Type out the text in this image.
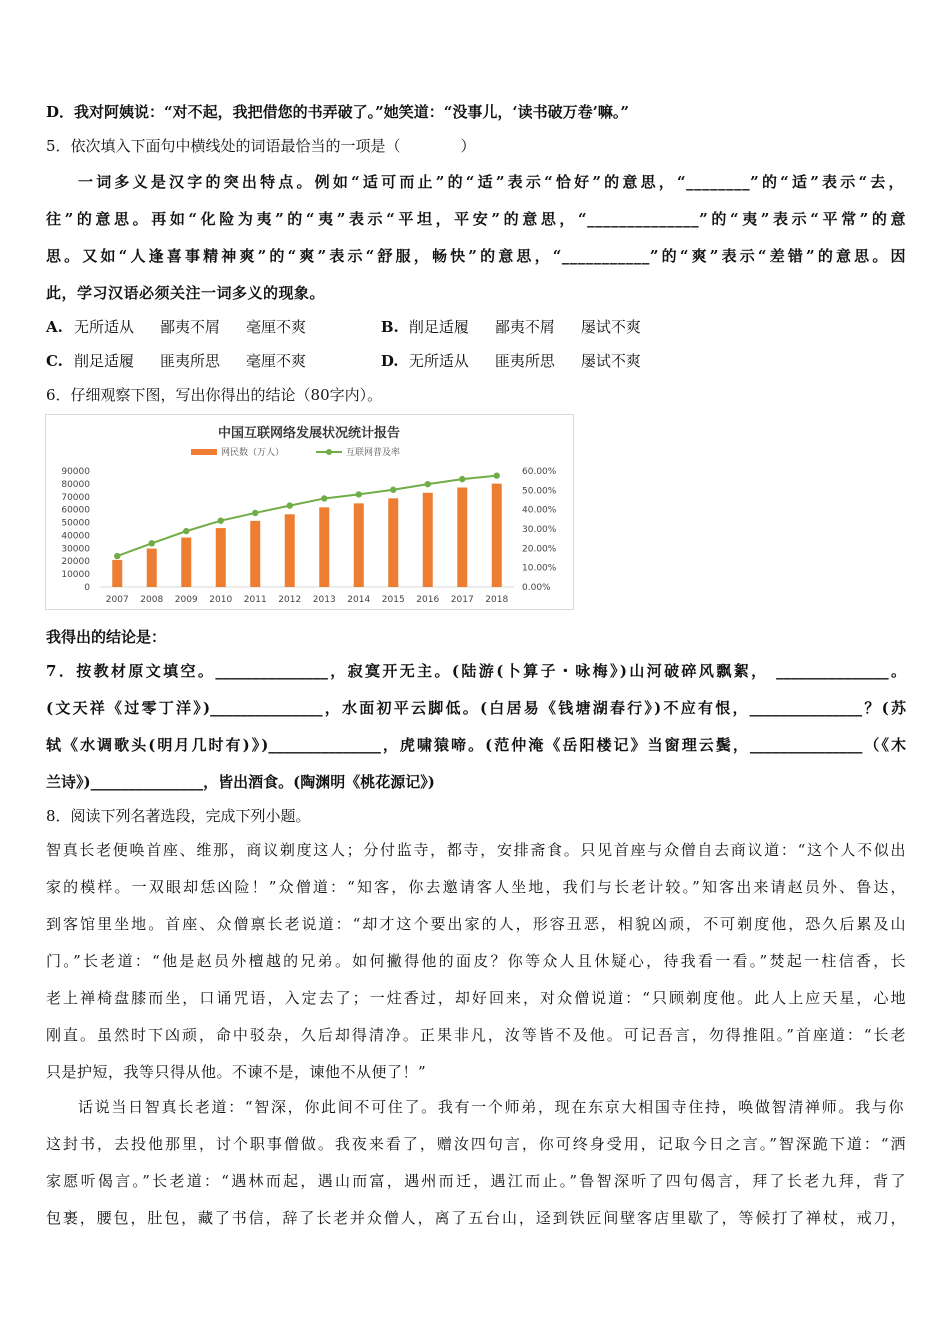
D．我对阿姨说：“对不起，我把借您的书弄破了。”她笑道：“没事儿，‘读书破万卷’嘛。”
5．依次填入下面句中横线处的词语最恰当的一项是（　　　　）
一词多义是汉字的突出特点。例如“适可而止”的“适”表示“恰好”的意思，“________”的“适”表示“去，
往”的意思。再如“化险为夷”的“夷”表示“平坦，平安”的意思，“______________”的“夷”表示“平常”的意
思。又如“人逢喜事精神爽”的“爽”表示“舒服，畅快”的意思，“___________”的“爽”表示“差错”的意思。因
此，学习汉语必须关注一词多义的现象。
A. 无所适从 鄙夷不屑 毫厘不爽	B. 削足适履 鄙夷不屑 屡试不爽
C. 削足适履 匪夷所思 毫厘不爽	D. 无所适从 匪夷所思 屡试不爽
6．仔细观察下图，写出你得出的结论（80字内）。
中国互联网络发展状况统计报告
网民数（万人）	互联网普及率
90000
80000
70000
60000
50000
40000
30000
20000
10000
0
60.00%
50.00%
40.00%
30.00%
20.00%
10.00%
0.00%
2007 2008 2009 2010 2011 2012 2013 2014 2015 2016 2017 2018
我得出的结论是：
7．按教材原文填空。_______________，寂寞开无主。(陆游(卜算子・咏梅》)山河破碎风飘絮， _______________。
(文天祥《过零丁洋》)_______________，水面初平云脚低。(白居易《钱塘湖春行》)不应有恨，_______________？(苏
轼《水调歌头(明月几时有)》)_______________，虎啸猿啼。(范仲淹《岳阳楼记》当窗理云鬓，_______________（《木
兰诗》)_______________，皆出酒食。(陶渊明《桃花源记》)
8．阅读下列名著选段，完成下列小题。
智真长老便唤首座、维那，商议剃度这人；分付监寺，都寺，安排斋食。只见首座与众僧自去商议道：“这个人不似出
家的模样。一双眼却恁凶险！”众僧道：“知客，你去邀请客人坐地，我们与长老计较。”知客出来请赵员外、鲁达，
到客馆里坐地。首座、众僧禀长老说道：“却才这个要出家的人，形容丑恶，相貌凶顽，不可剃度他，恐久后累及山
门。”长老道：“他是赵员外檀越的兄弟。如何撇得他的面皮？你等众人且休疑心，待我看一看。”焚起一柱信香，长
老上禅椅盘膝而坐，口诵咒语，入定去了；一炷香过，却好回来，对众僧说道：“只顾剃度他。此人上应天星，心地
刚直。虽然时下凶顽，命中驳杂，久后却得清净。正果非凡，汝等皆不及他。可记吾言，勿得推阻。”首座道：“长老
只是护短，我等只得从他。不谏不是，谏他不从便了！”
话说当日智真长老道：“智深，你此间不可住了。我有一个师弟，现在东京大相国寺住持，唤做智清禅师。我与你
这封书，去投他那里，讨个职事僧做。我夜来看了，赠汝四句言，你可终身受用，记取今日之言。”智深跪下道：“洒
家愿听偈言。”长老道：“遇林而起，遇山而富，遇州而迁，遇江而止。”鲁智深听了四句偈言，拜了长老九拜，背了
包裹，腰包，肚包，藏了书信，辞了长老并众僧人，离了五台山，迳到铁匠间壁客店里歇了，等候打了禅杖，戒刀，
